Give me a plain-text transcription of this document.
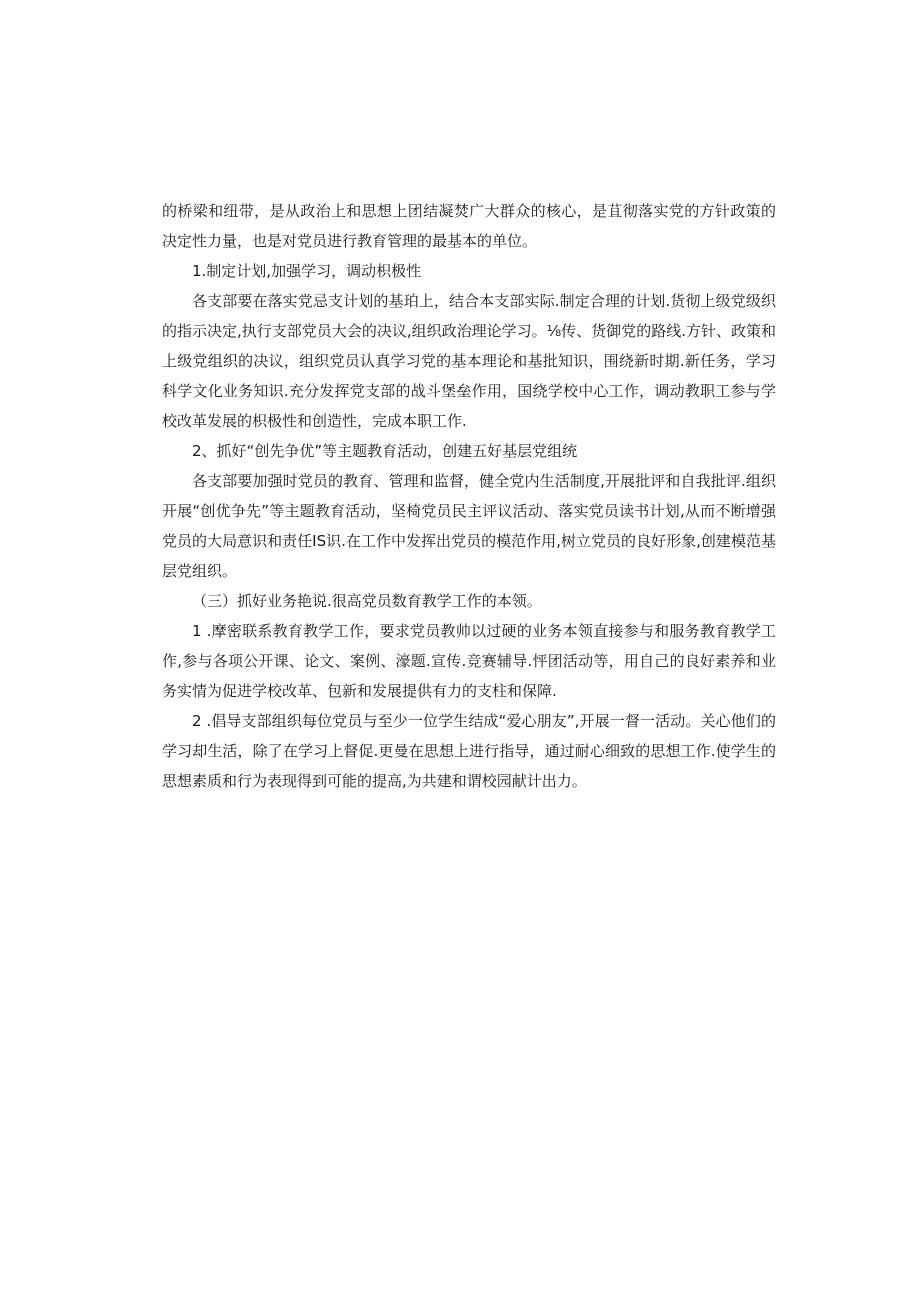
的桥梁和纽带，是从政治上和思想上团结凝焚广大群众的核心，是苴彻落实党的方针政策的决定性力量，也是对党员进行教育管理的最基本的单位。

1.制定计划,加强学习，调动枳极性

各支部要在落实党忌支计划的基珀上，结合本支部实际.制定合理的计划.货彻上级党级织的指示决定,执行支部党员大会的决议,组织政治理论学习。⅛传、货御党的路线.方针、政策和上级党组织的决议，组织党员认真学习党的基本理论和基批知识，围绕新时期.新任务，学习科学文化业务知识.充分发挥党支部的战斗堡垒作用，国绕学校中心工作，调动教职工参与学校改革发展的枳极性和创造性，完成本职工作.

2、抓好“创先争优”等主题教育活动，创建五好基层党组统

各支部要加强时党员的教育、管理和监督，健全党内生活制度,开展批评和自我批评.组织开展“创优争先”等主题教育活动，坚椅党员民主评议活动、落实党员读书计划,从而不断增强党员的大局意识和责任IS识.在工作中发挥出党员的模范作用,树立党员的良好形象,创建模范基层党组织。

（三）抓好业务艳说.很高党员数育教学工作的本领。

1 .摩密联系教育教学工作，要求党员教帅以过硬的业务本领直接参与和服务教育教学工作,参与各项公开课、论文、案例、濠题.宣传.竞赛辅导.怦团活动等，用自己的良好素养和业务实情为促进学校改革、包新和发展提供有力的支柱和保障.

2 .倡导支部组织每位党员与至少一位学生结成“爱心朋友”,开展一督一活动。关心他们的学习却生活，除了在学习上督促.更曼在思想上进行指导，通过耐心细致的思想工作.使学生的思想素质和行为表现得到可能的提高,为共建和谓校园献计出力。
